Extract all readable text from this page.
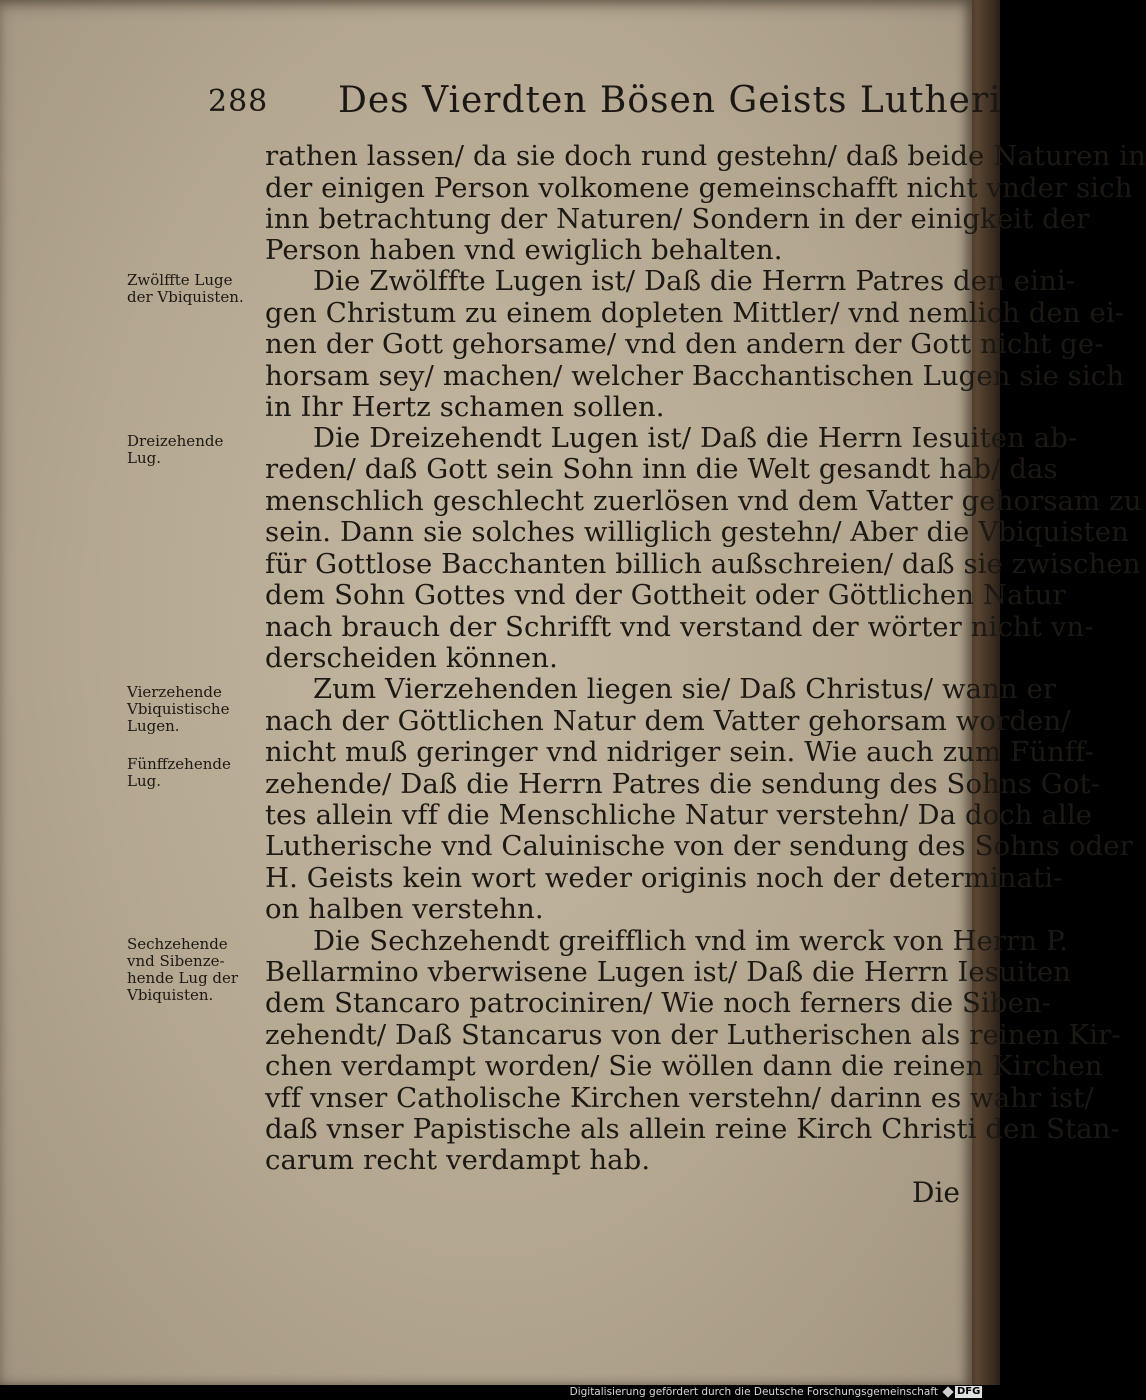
288 Des Vierdten Bösen Geists Lutheri
rathen lassen/ da sie doch rund gestehn/ daß beide Naturen in
der einigen Person volkomene gemeinschafft nicht vnder sich
inn betrachtung der Naturen/ Sondern in der einigkeit der
Person haben vnd ewiglich behalten.
Die Zwölffte Lugen ist/ Daß die Herrn Patres den eini-
gen Christum zu einem dopleten Mittler/ vnd nemlich den ei-
nen der Gott gehorsame/ vnd den andern der Gott nicht ge-
horsam sey/ machen/ welcher Bacchantischen Lugen sie sich
in Ihr Hertz schamen sollen.
Die Dreizehendt Lugen ist/ Daß die Herrn Iesuiten ab-
reden/ daß Gott sein Sohn inn die Welt gesandt hab/ das
menschlich geschlecht zuerlösen vnd dem Vatter gehorsam zu
sein. Dann sie solches williglich gestehn/ Aber die Vbiquisten
für Gottlose Bacchanten billich außschreien/ daß sie zwischen
dem Sohn Gottes vnd der Gottheit oder Göttlichen Natur
nach brauch der Schrifft vnd verstand der wörter nicht vn-
derscheiden können.
Zum Vierzehenden liegen sie/ Daß Christus/ wann er
nach der Göttlichen Natur dem Vatter gehorsam worden/
nicht muß geringer vnd nidriger sein. Wie auch zum Fünff-
zehende/ Daß die Herrn Patres die sendung des Sohns Got-
tes allein vff die Menschliche Natur verstehn/ Da doch alle
Lutherische vnd Caluinische von der sendung des Sohns oder
H. Geists kein wort weder originis noch der determinati-
on halben verstehn.
Die Sechzehendt greifflich vnd im werck von Herrn P.
Bellarmino vberwisene Lugen ist/ Daß die Herrn Iesuiten
dem Stancaro patrociniren/ Wie noch ferners die Siben-
zehendt/ Daß Stancarus von der Lutherischen als reinen Kir-
chen verdampt worden/ Sie wöllen dann die reinen Kirchen
vff vnser Catholische Kirchen verstehn/ darinn es wahr ist/
daß vnser Papistische als allein reine Kirch Christi den Stan-
carum recht verdampt hab.
Zwölffte Luge
der Vbiquisten.
Dreizehende
Lug.
Vierzehende
Vbiquistische
Lugen.
Fünffzehende
Lug.
Sechzehende
vnd Sibenze-
hende Lug der
Vbiquisten.
Die
Digitalisierung gefördert durch die Deutsche Forschungsgemeinschaft DFG
